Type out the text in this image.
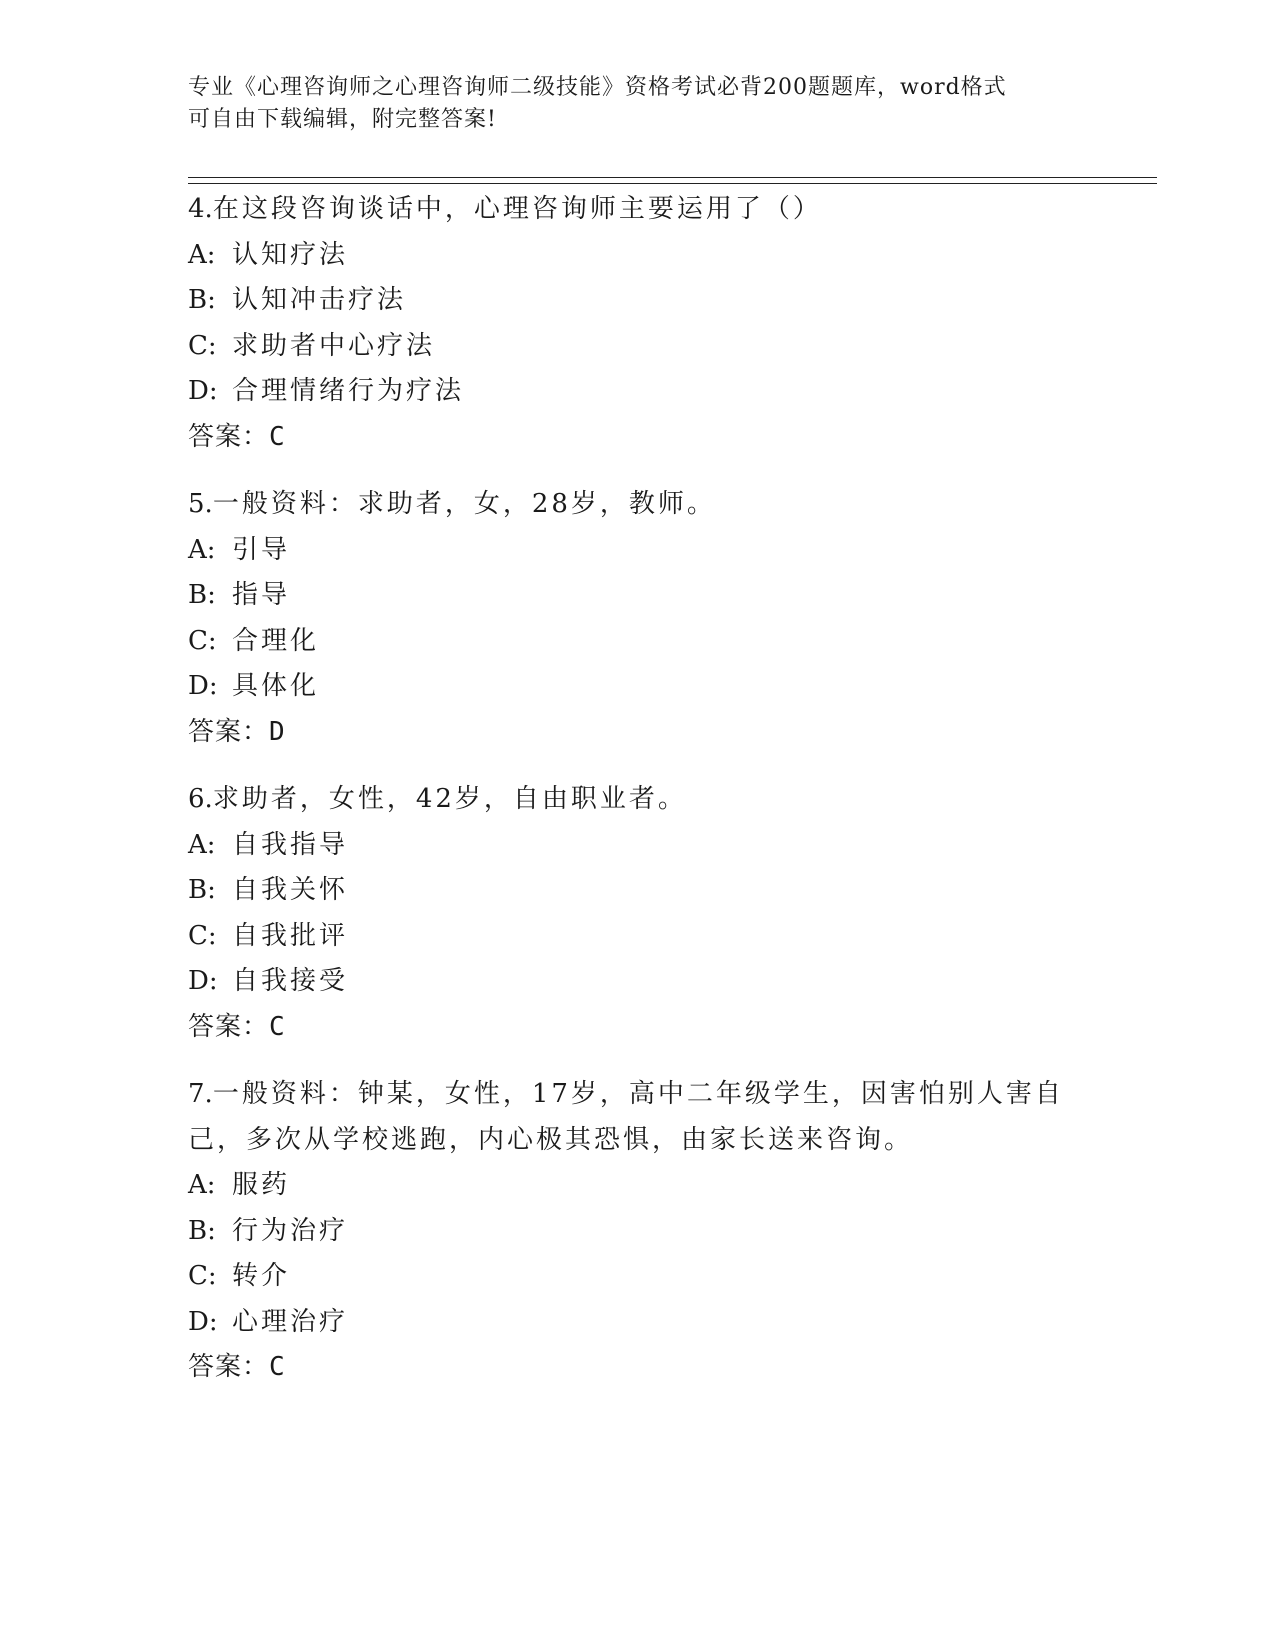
专业《心理咨询师之心理咨询师二级技能》资格考试必背200题题库，word格式
可自由下载编辑，附完整答案!
4.在这段咨询谈话中，心理咨询师主要运用了（）
A: 认知疗法
B: 认知冲击疗法
C: 求助者中心疗法
D: 合理情绪行为疗法
答案：C
5.一般资料：求助者，女，28岁，教师。
A: 引导
B: 指导
C: 合理化
D: 具体化
答案：D
6.求助者，女性，42岁，自由职业者。
A: 自我指导
B: 自我关怀
C: 自我批评
D: 自我接受
答案：C
7.一般资料：钟某，女性，17岁，高中二年级学生，因害怕别人害自
己，多次从学校逃跑，内心极其恐惧，由家长送来咨询。
A: 服药
B: 行为治疗
C: 转介
D: 心理治疗
答案：C
